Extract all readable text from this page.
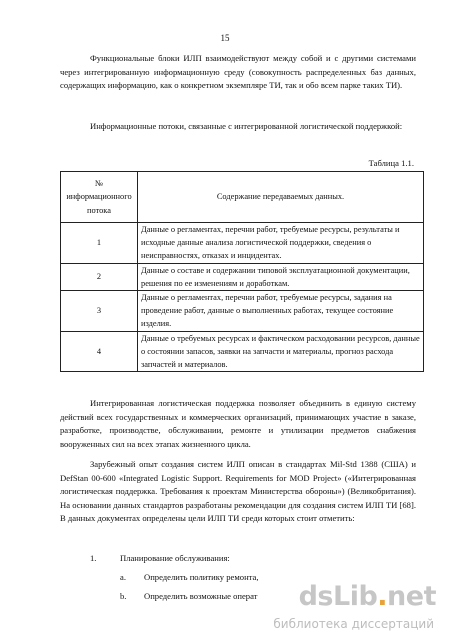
15

Функциональные блоки ИЛП взаимодействуют между собой и с другими системами через интегрированную информационную среду (совокупность распределенных баз данных, содержащих информацию, как о конкретном экземпляре ТИ, так и обо всем парке таких ТИ).

Информационные потоки, связанные с интегрированной логистической поддержкой:

Таблица 1.1.
№ информационного потока	Содержание передаваемых данных.
1	Данные о регламентах, перечни работ, требуемые ресурсы, результаты и исходные данные анализа логистической поддержки, сведения о неисправностях, отказах и инцидентах.
2	Данные о составе и содержании типовой эксплуатационной документации, решения по ее изменениям и доработкам.
3	Данные о регламентах, перечни работ, требуемые ресурсы, задания на проведение работ, данные о выполненных работах, текущее состояние изделия.
4	Данные о требуемых ресурсах и фактическом расходовании ресурсов, данные о состоянии запасов, заявки на запчасти и материалы, прогноз расхода запчастей и материалов.

Интегрированная логистическая поддержка позволяет объединить в единую систему действий всех государственных и коммерческих организаций, принимающих участие в заказе, разработке, производстве, обслуживании, ремонте и утилизации предметов снабжения вооруженных сил на всех этапах жизненного цикла.

Зарубежный опыт создания систем ИЛП описан в стандартах Mil-Std 1388 (США) и DefStan 00-600 «Integrated Logistic Support. Requirements for MOD Project» («Интегрированная логистическая поддержка. Требования к проектам Министерства обороны») (Великобритания). На основании данных стандартов разработаны рекомендации для создания систем ИЛП ТИ [68]. В данных документах определены цели ИЛП ТИ среди которых стоит отметить:

1.	Планирование обслуживания:
a. Определить политику ремонта,
b. Определить возможные операт dsLib.net
библиотека диссертаций
